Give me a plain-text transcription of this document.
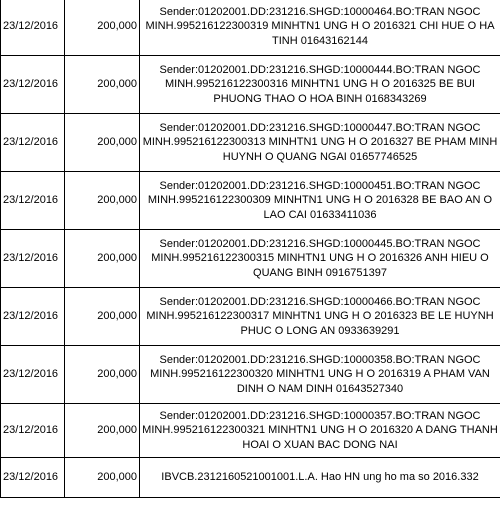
23/12/2016	200,000	Sender:01202001.DD:231216.SHGD:10000464.BO:TRAN NGOC MINH.995216122300319 MINHTN1 UNG H O 2016321 CHI HUE O HA TINH 01643162144
23/12/2016	200,000	Sender:01202001.DD:231216.SHGD:10000444.BO:TRAN NGOC MINH.995216122300316 MINHTN1 UNG H O 2016325 BE BUI PHUONG THAO O HOA BINH 0168343269
23/12/2016	200,000	Sender:01202001.DD:231216.SHGD:10000447.BO:TRAN NGOC MINH.995216122300313 MINHTN1 UNG H O 2016327 BE PHAM MINH HUYNH O QUANG NGAI 01657746525
23/12/2016	200,000	Sender:01202001.DD:231216.SHGD:10000451.BO:TRAN NGOC MINH.995216122300309 MINHTN1 UNG H O 2016328 BE BAO AN O LAO CAI 01633411036
23/12/2016	200,000	Sender:01202001.DD:231216.SHGD:10000445.BO:TRAN NGOC MINH.995216122300315 MINHTN1 UNG H O 2016326 ANH HIEU O QUANG BINH 0916751397
23/12/2016	200,000	Sender:01202001.DD:231216.SHGD:10000466.BO:TRAN NGOC MINH.995216122300317 MINHTN1 UNG H O 2016323 BE LE HUYNH PHUC O LONG AN 0933639291
23/12/2016	200,000	Sender:01202001.DD:231216.SHGD:10000358.BO:TRAN NGOC MINH.995216122300320 MINHTN1 UNG H O 2016319 A PHAM VAN DINH O NAM DINH 01643527340
23/12/2016	200,000	Sender:01202001.DD:231216.SHGD:10000357.BO:TRAN NGOC MINH.995216122300321 MINHTN1 UNG H O 2016320 A DANG THANH HOAI O XUAN BAC DONG NAI
23/12/2016	200,000	IBVCB.2312160521001001.L.A. Hao HN ung ho ma so 2016.332
